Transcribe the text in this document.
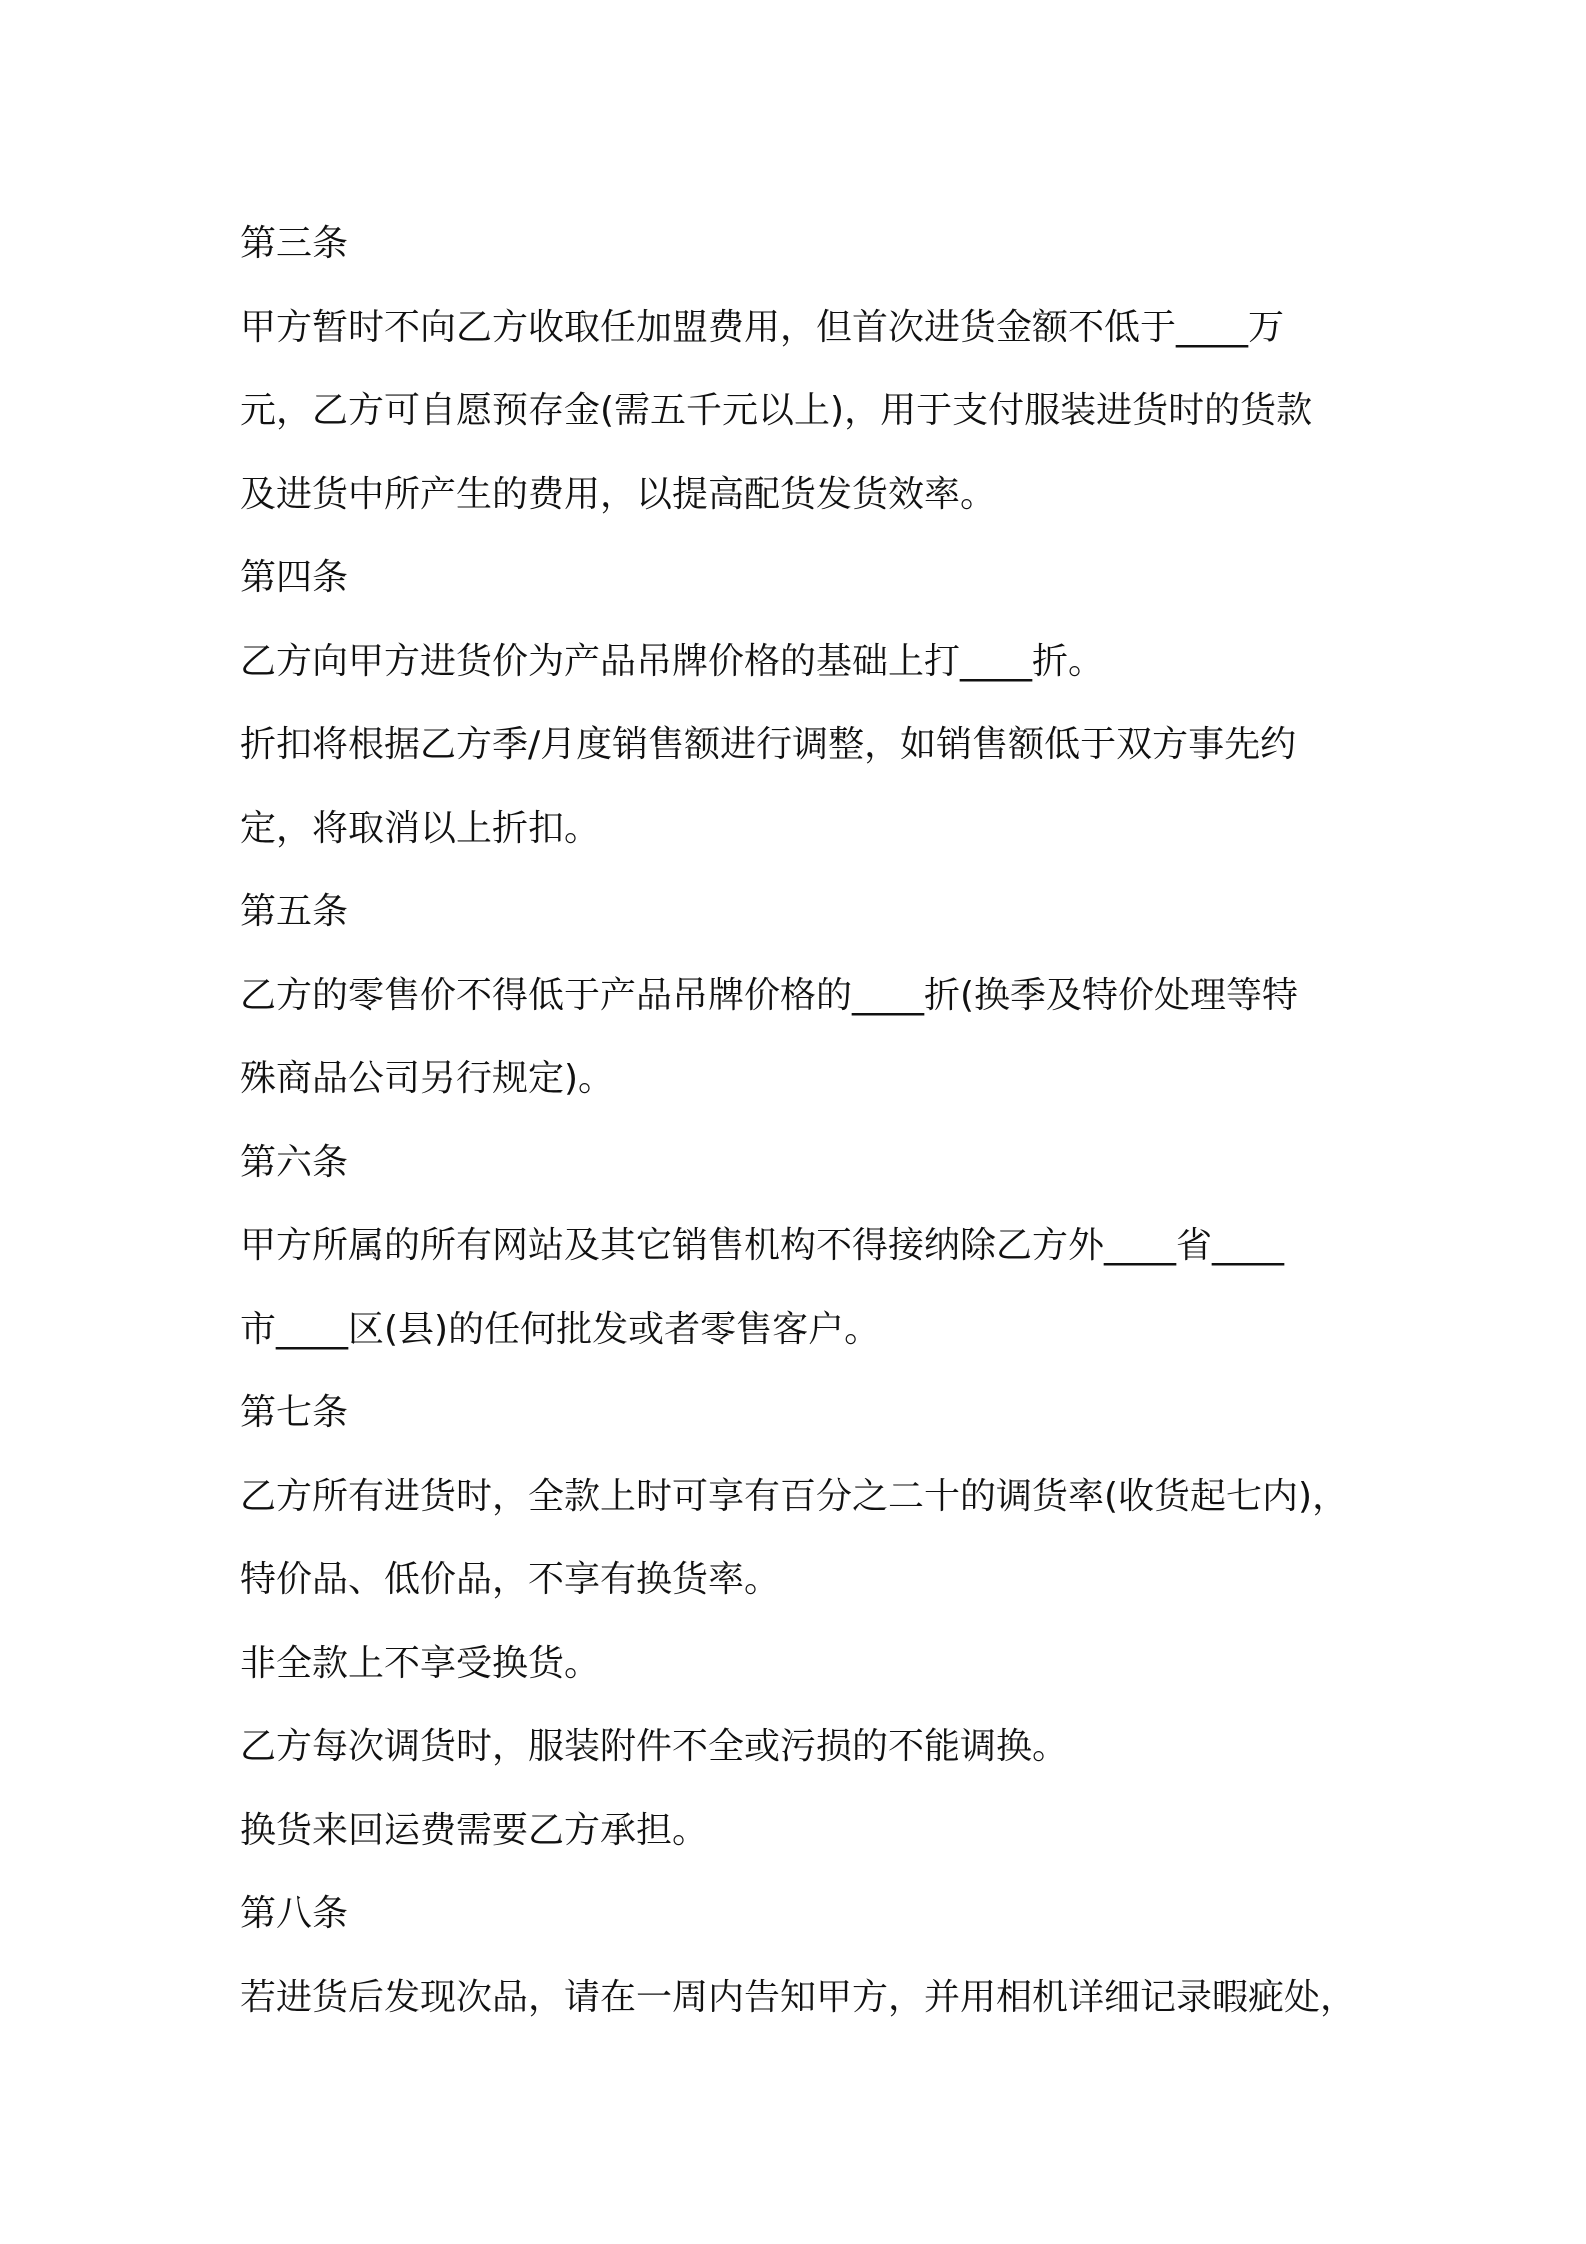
第三条
甲方暂时不向乙方收取任加盟费用，但首次进货金额不低于____万
元，乙方可自愿预存金(需五千元以上)，用于支付服装进货时的货款
及进货中所产生的费用，以提高配货发货效率。
第四条
乙方向甲方进货价为产品吊牌价格的基础上打____折。
折扣将根据乙方季/月度销售额进行调整，如销售额低于双方事先约
定，将取消以上折扣。
第五条
乙方的零售价不得低于产品吊牌价格的____折(换季及特价处理等特
殊商品公司另行规定)。
第六条
甲方所属的所有网站及其它销售机构不得接纳除乙方外____省____
市____区(县)的任何批发或者零售客户。
第七条
乙方所有进货时，全款上时可享有百分之二十的调货率(收货起七内)，
特价品、低价品，不享有换货率。
非全款上不享受换货。
乙方每次调货时，服装附件不全或污损的不能调换。
换货来回运费需要乙方承担。
第八条
若进货后发现次品，请在一周内告知甲方，并用相机详细记录暇疵处，
